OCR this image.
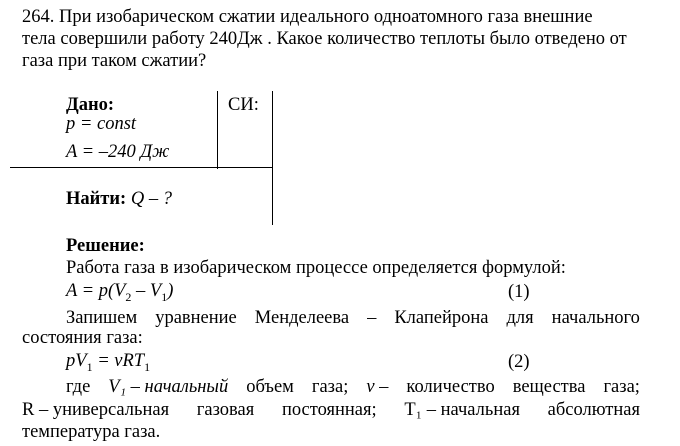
264. При изобарическом сжатии идеального одноатомного газа внешние
тела совершили работу 240Дж . Какое количество теплоты было отведено от
газа при таком сжатии?
Дано:	СИ:
p = const
A = –240 Дж
Найти: Q – ?
Решение:
Работа газа в изобарическом процессе определяется формулой:
$A = p(V_2 - V_1)$	(1)
Запишем уравнение Менделеева – Клапейрона для начального
состояния газа:
$pV_1 = \nu RT_1$	(2)
где V₁ – начальный объем газа; ν – количество вещества газа;
R – универсальная газовая постоянная; T₁ – начальная абсолютная
температура газа.
